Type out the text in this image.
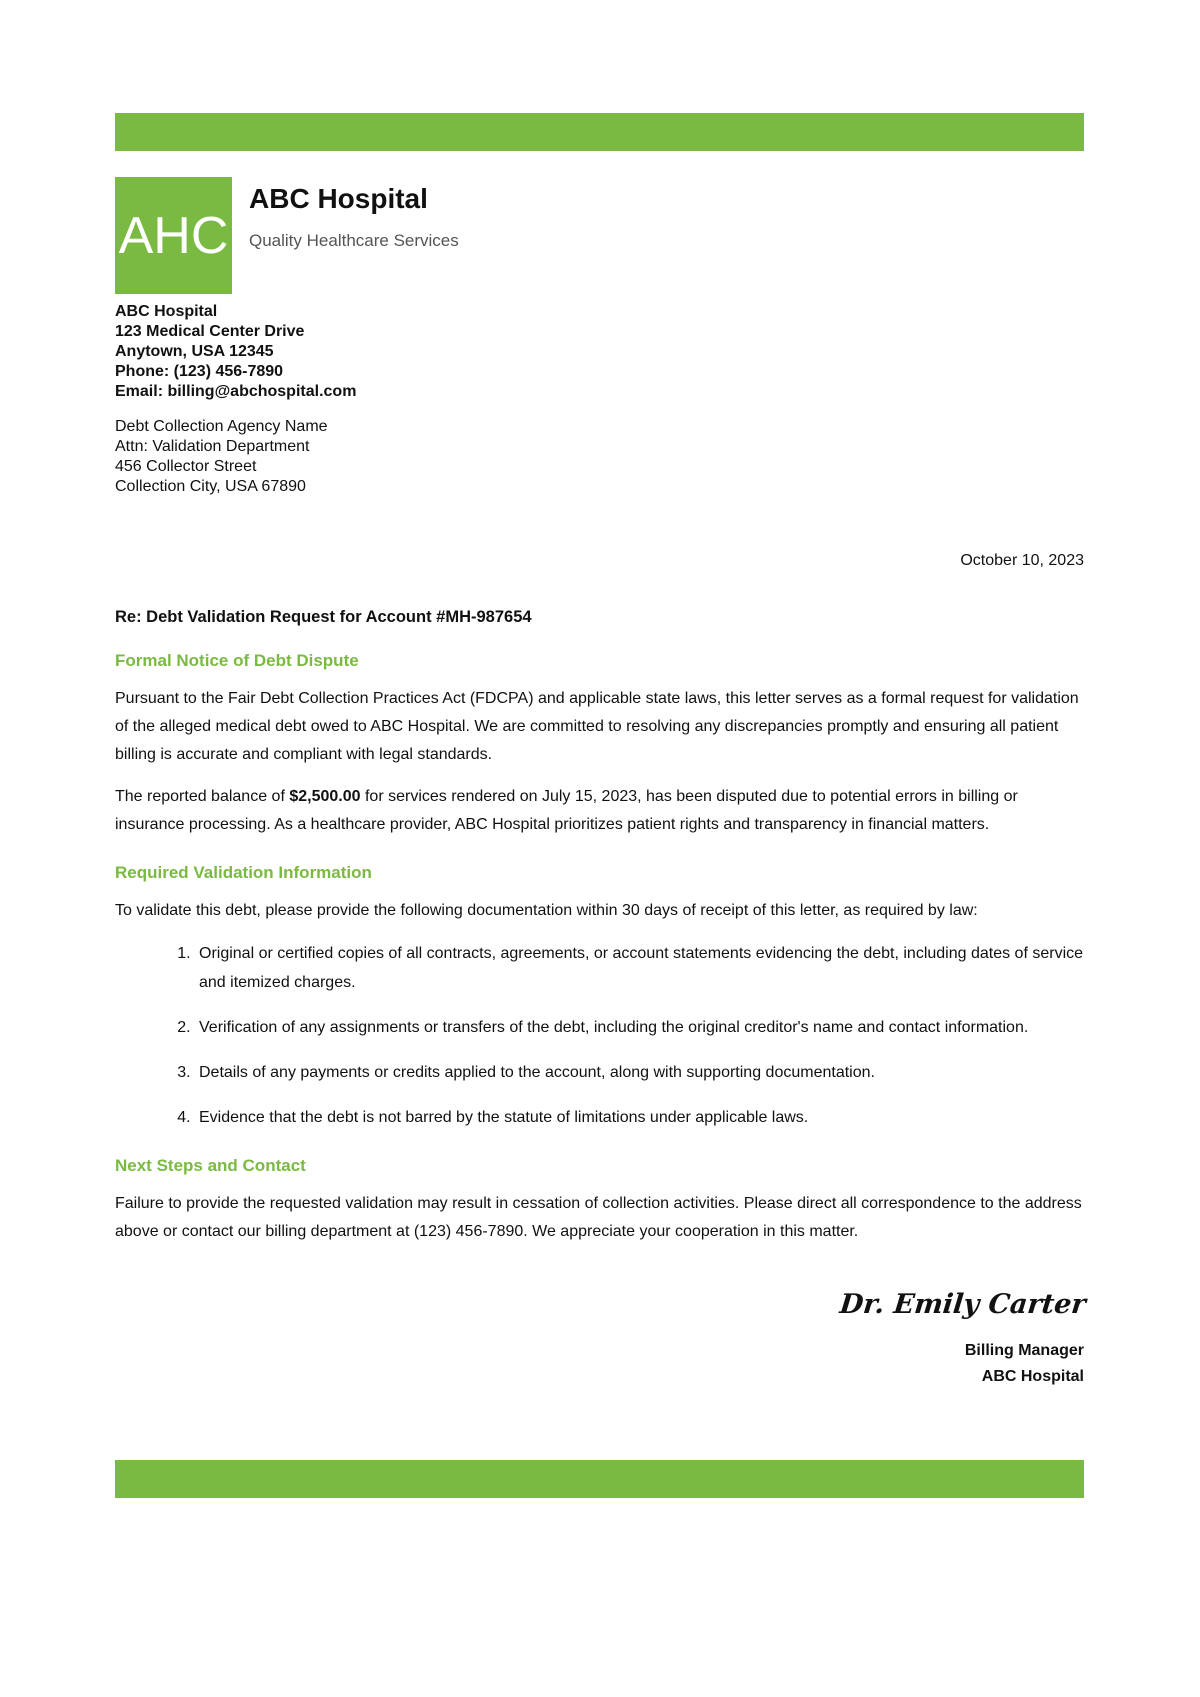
AHC
ABC Hospital
Quality Healthcare Services
ABC Hospital
123 Medical Center Drive
Anytown, USA 12345
Phone: (123) 456-7890
Email: billing@abchospital.com
Debt Collection Agency Name
Attn: Validation Department
456 Collector Street
Collection City, USA 67890
October 10, 2023
Re: Debt Validation Request for Account #MH-987654
Formal Notice of Debt Dispute

Pursuant to the Fair Debt Collection Practices Act (FDCPA) and applicable state laws, this letter serves as a formal request for validation of the alleged medical debt owed to ABC Hospital. We are committed to resolving any discrepancies promptly and ensuring all patient billing is accurate and compliant with legal standards.

The reported balance of $2,500.00 for services rendered on July 15, 2023, has been disputed due to potential errors in billing or insurance processing. As a healthcare provider, ABC Hospital prioritizes patient rights and transparency in financial matters.

Required Validation Information

To validate this debt, please provide the following documentation within 30 days of receipt of this letter, as required by law:

1. Original or certified copies of all contracts, agreements, or account statements evidencing the debt, including dates of service and itemized charges.
2. Verification of any assignments or transfers of the debt, including the original creditor's name and contact information.
3. Details of any payments or credits applied to the account, along with supporting documentation.
4. Evidence that the debt is not barred by the statute of limitations under applicable laws.
Next Steps and Contact

Failure to provide the requested validation may result in cessation of collection activities. Please direct all correspondence to the address above or contact our billing department at (123) 456-7890. We appreciate your cooperation in this matter.

Dr. Emily Carter
Billing Manager
ABC Hospital
